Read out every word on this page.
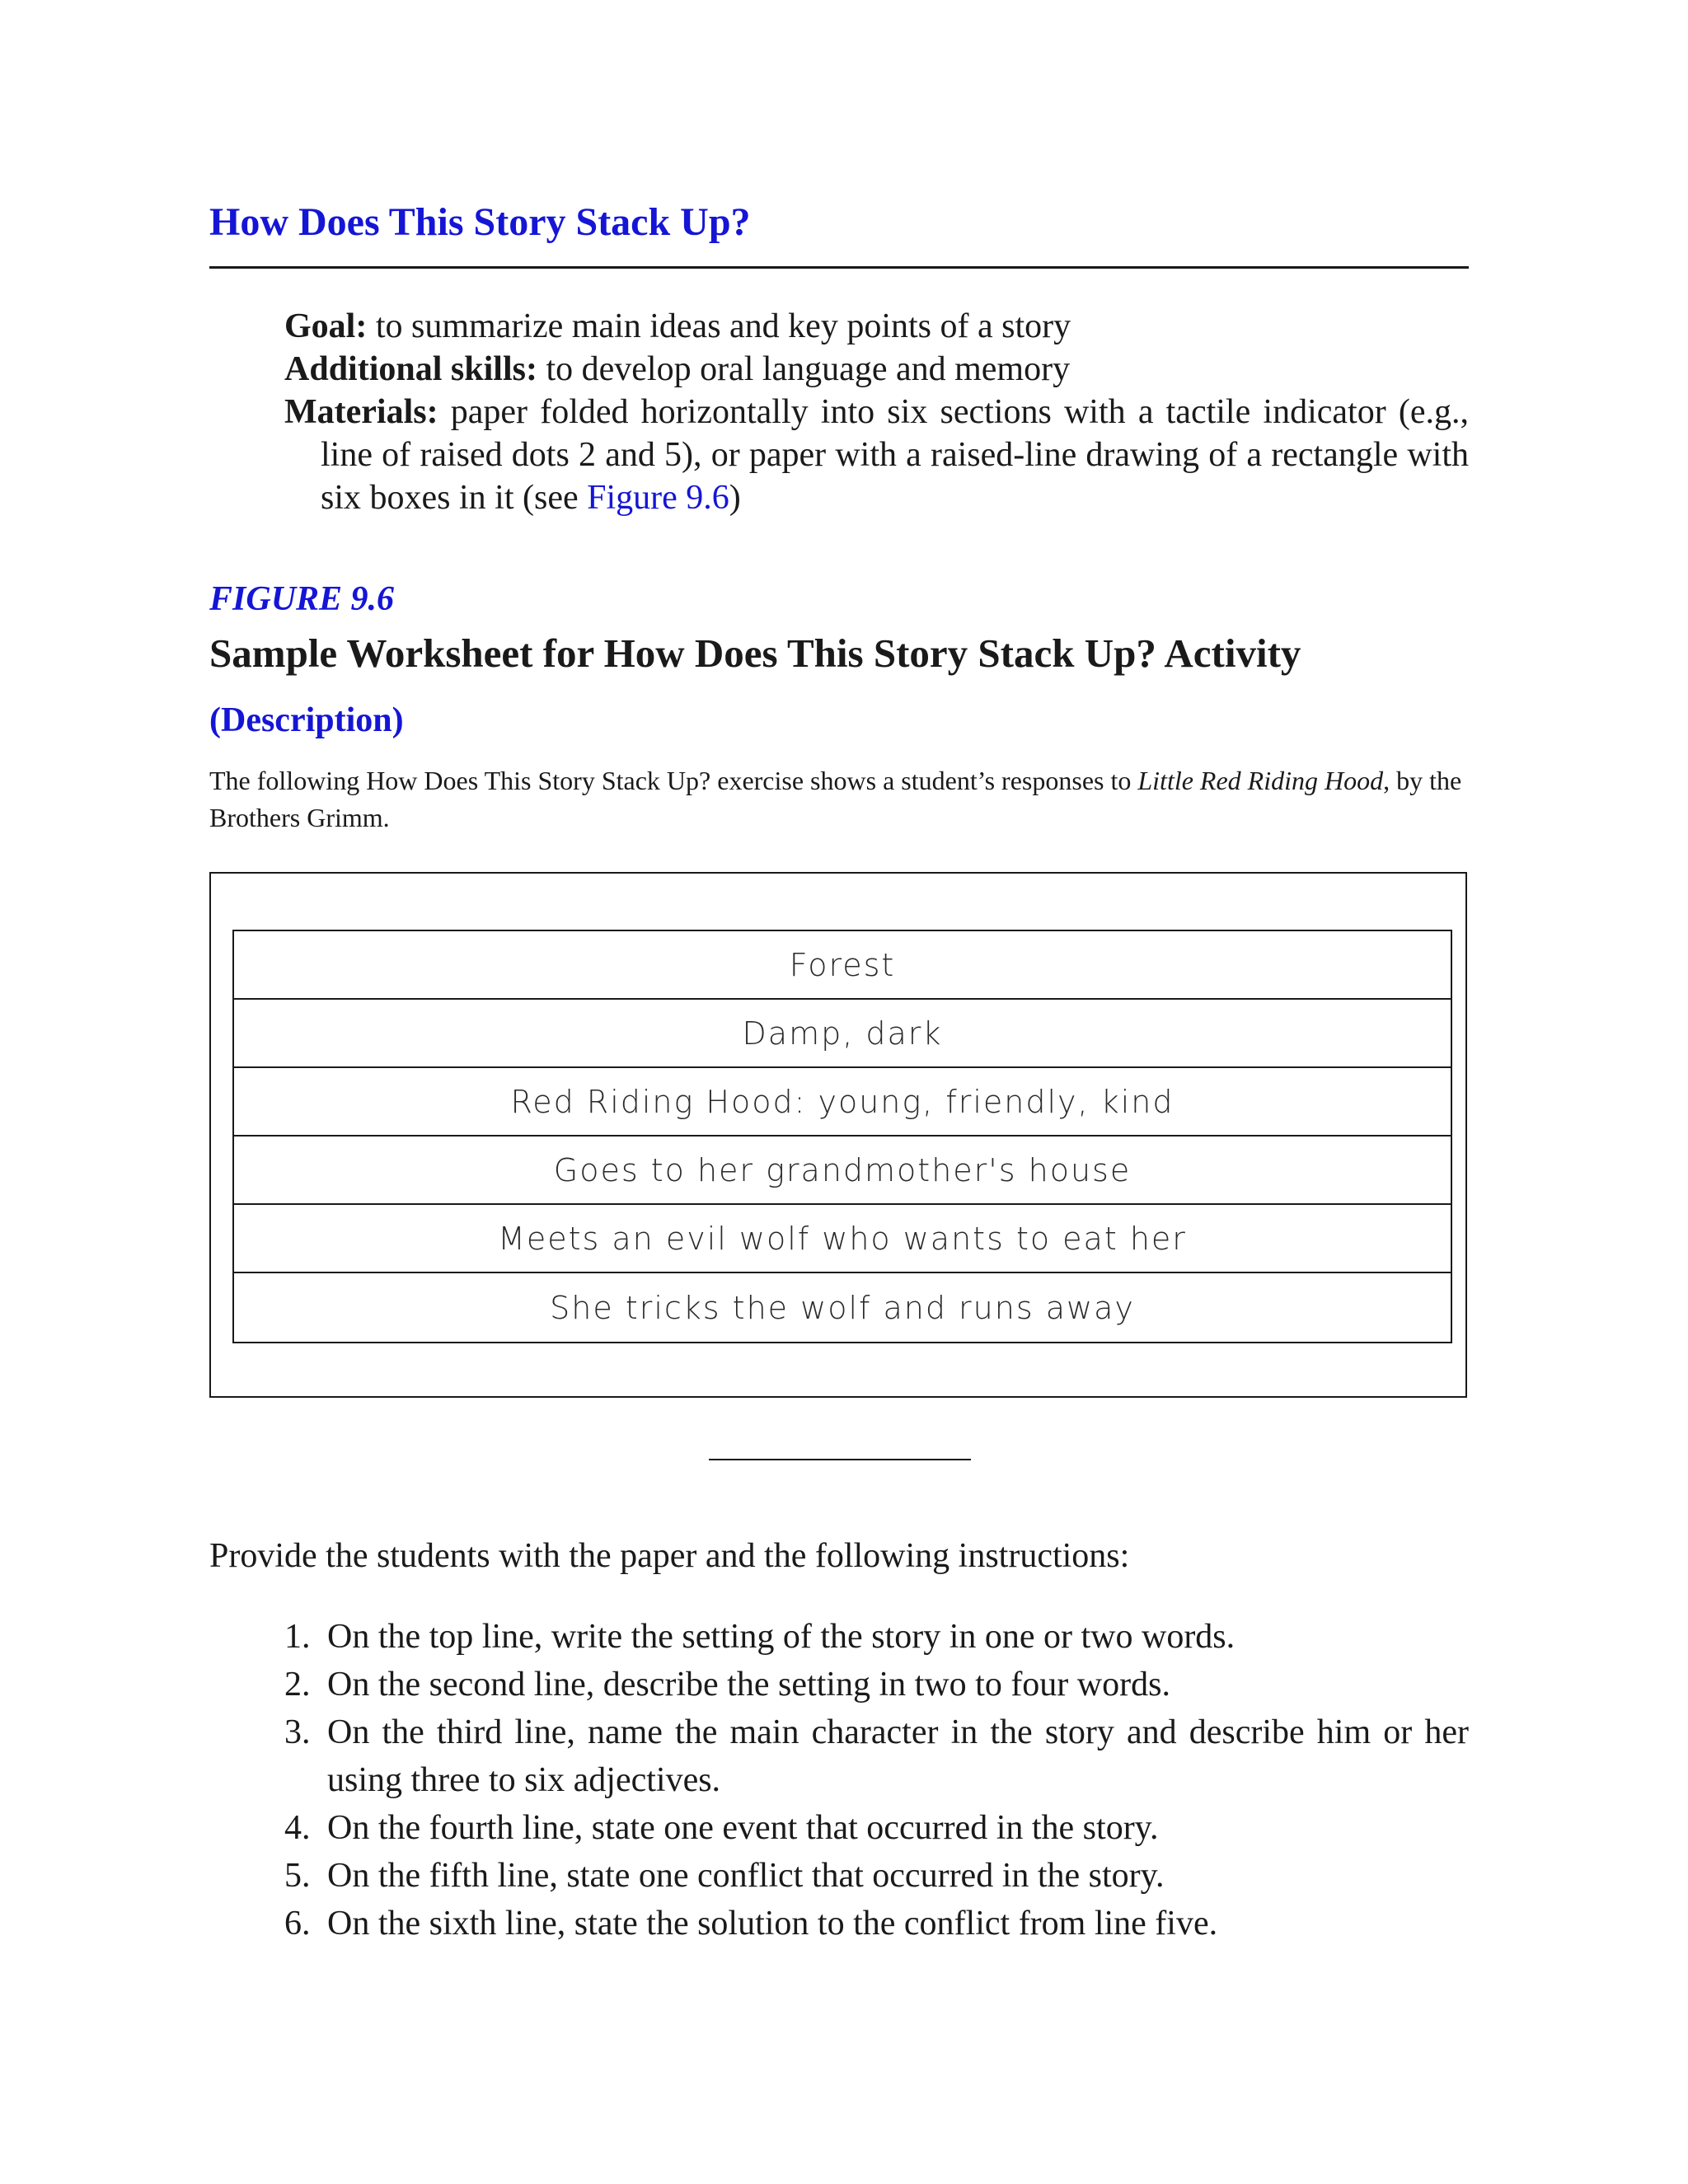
How Does This Story Stack Up?

Goal: to summarize main ideas and key points of a story

Additional skills: to develop oral language and memory

Materials: paper folded horizontally into six sections with a tactile indicator (e.g., line of raised dots 2 and 5), or paper with a raised-line drawing of a rectangle with six boxes in it (see Figure 9.6)

FIGURE 9.6

Sample Worksheet for How Does This Story Stack Up? Activity
(Description)

The following How Does This Story Stack Up? exercise shows a student’s responses to Little Red Riding Hood, by the Brothers Grimm.

Forest
Damp, dark
Red Riding Hood: young, friendly, kind
Goes to her grandmother's house
Meets an evil wolf who wants to eat her
She tricks the wolf and runs away

Provide the students with the paper and the following instructions:

1. On the top line, write the setting of the story in one or two words.
2. On the second line, describe the setting in two to four words.
3. On the third line, name the main character in the story and describe him or her using three to six adjectives.
4. On the fourth line, state one event that occurred in the story.
5. On the fifth line, state one conflict that occurred in the story.
6. On the sixth line, state the solution to the conflict from line five.
